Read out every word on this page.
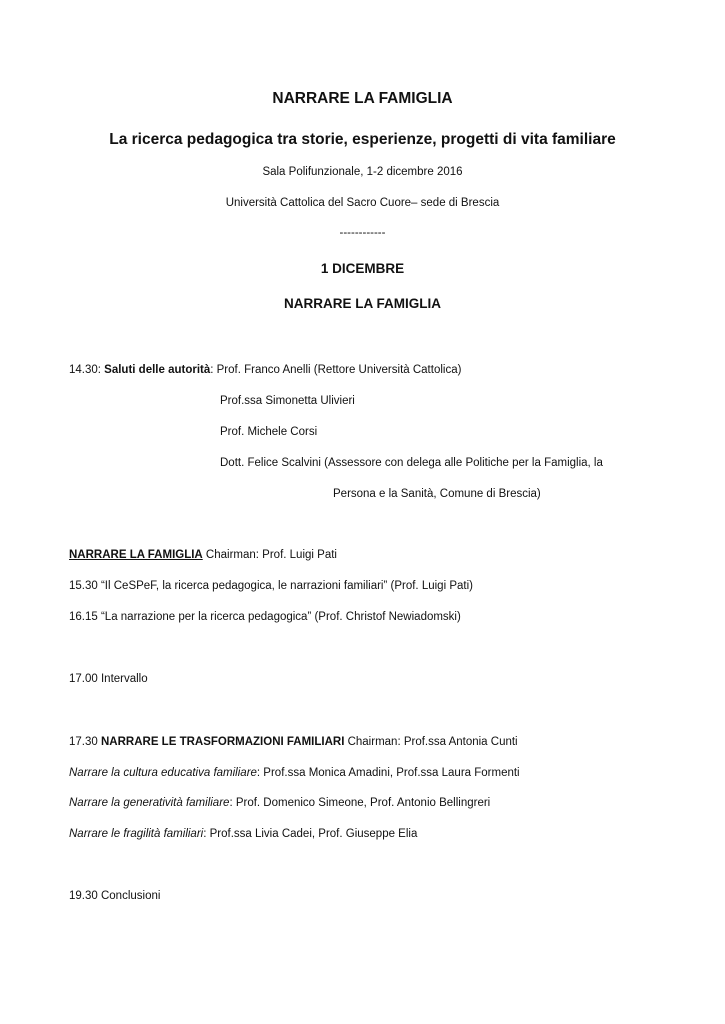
NARRARE LA FAMIGLIA
La ricerca pedagogica tra storie, esperienze, progetti di vita familiare
Sala Polifunzionale, 1-2 dicembre 2016
Università Cattolica del Sacro Cuore– sede di Brescia
------------
1 DICEMBRE
NARRARE LA FAMIGLIA
14.30: Saluti delle autorità: Prof. Franco Anelli (Rettore Università Cattolica)
Prof.ssa Simonetta Ulivieri
Prof. Michele Corsi
Dott. Felice Scalvini (Assessore con delega alle Politiche per la Famiglia, la
Persona e la Sanità, Comune di Brescia)
NARRARE LA FAMIGLIA Chairman: Prof. Luigi Pati
15.30 “Il CeSPeF, la ricerca pedagogica, le narrazioni familiari” (Prof. Luigi Pati)
16.15 “La narrazione per la ricerca pedagogica” (Prof. Christof Newiadomski)
17.00 Intervallo
17.30 NARRARE LE TRASFORMAZIONI FAMILIARI Chairman: Prof.ssa Antonia Cunti
Narrare la cultura educativa familiare: Prof.ssa Monica Amadini, Prof.ssa Laura Formenti
Narrare la generatività familiare: Prof. Domenico Simeone, Prof. Antonio Bellingreri
Narrare le fragilità familiari: Prof.ssa Livia Cadei, Prof. Giuseppe Elia
19.30 Conclusioni
